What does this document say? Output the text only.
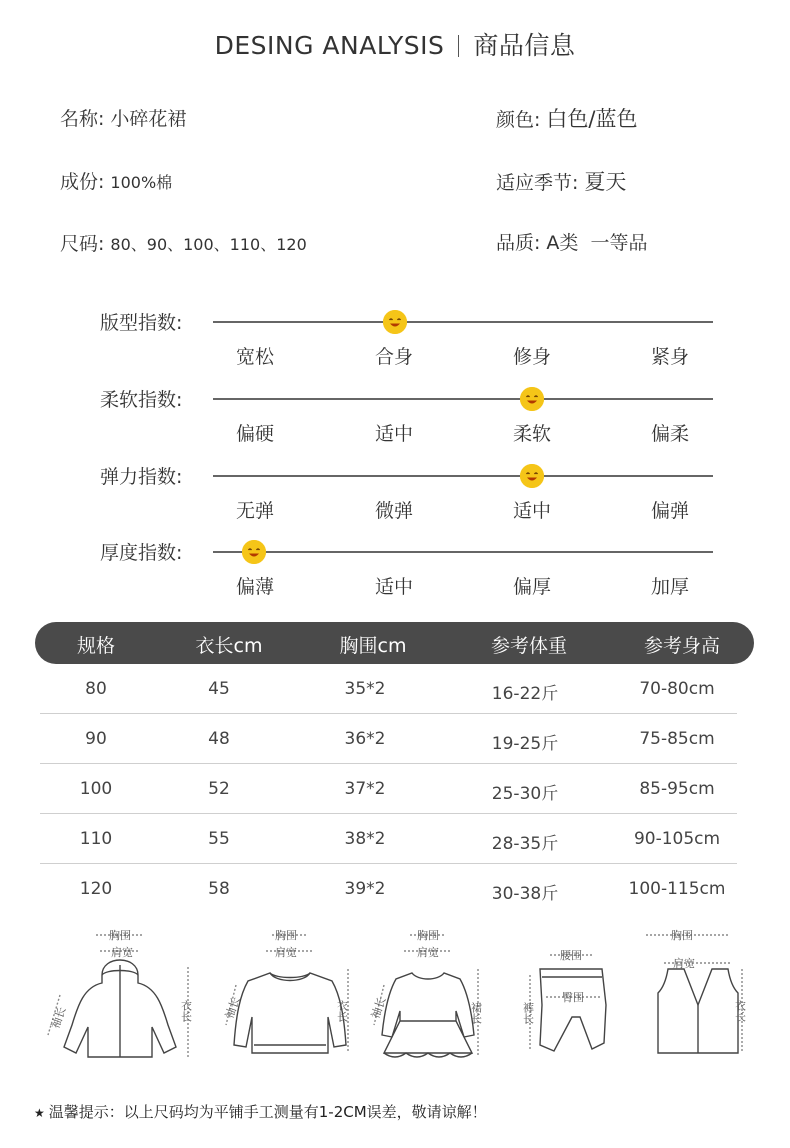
DESING ANALYSIS 商品信息
名称: 小碎花裙	颜色: 白色/蓝色
成份: 100%棉	适应季节: 夏天
尺码: 80、90、100、110、120	品质: A类  一等品
版型指数:
宽松	合身	修身	紧身
柔软指数:
偏硬	适中	柔软	偏柔
弹力指数:
无弹	微弹	适中	偏弹
厚度指数:
偏薄	适中	偏厚	加厚
规格	衣长cm	胸围cm	参考体重	参考身高
80	45	35*2	16-22斤	70-80cm
90	48	36*2	19-25斤	75-85cm
100	52	37*2	25-30斤	85-95cm
110	55	38*2	28-35斤	90-105cm
120	58	39*2	30-38斤	100-115cm
胸围
肩宽
袖长	衣长
胸围
肩宽
袖长	衣长
胸围
肩宽
袖长	裙长
腰围
臀围
裤长
胸围
肩宽
衣长
★ 温馨提示：以上尺码均为平铺手工测量有1-2CM误差，敬请谅解！
